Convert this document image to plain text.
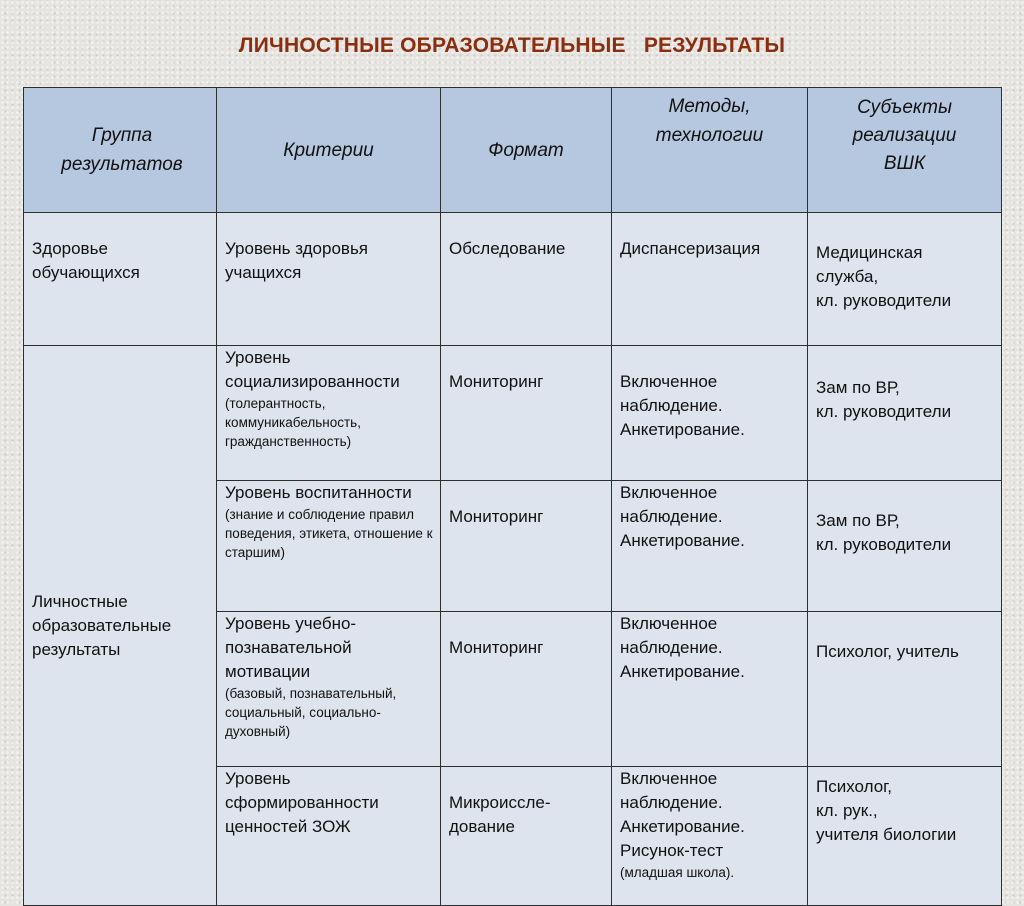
ЛИЧНОСТНЫЕ ОБРАЗОВАТЕЛЬНЫЕ   РЕЗУЛЬТАТЫ
Группа результатов	Критерии	Формат	Методы, технологии	Субъекты реализации ВШК
Здоровье обучающихся	Уровень здоровья учащихся	Обследование	Диспансеризация	Медицинская
служба,
кл. руководители

Личностные образовательные результаты	Уровень социализированности
(толерантность, коммуникабельность, гражданственность)	Мониторинг	Включенное
наблюдение.
Анкетирование.	Зам по ВР,
кл. руководители

	Уровень воспитанности
(знание и соблюдение правил поведения, этикета, отношение к старшим)	Мониторинг	Включенное
наблюдение.
Анкетирование.	Зам по ВР,
кл. руководители

	Уровень учебно-познавательной мотивации
(базовый, познавательный, социальный, социально-духовный)	Мониторинг	Включенное
наблюдение.
Анкетирование.	Психолог, учитель

	Уровень сформированности ценностей ЗОЖ	Микроиссле-дование	Включенное
наблюдение.
Анкетирование.
Рисунок-тест
(младшая школа).	Психолог,
кл. рук.,
учителя биологии
